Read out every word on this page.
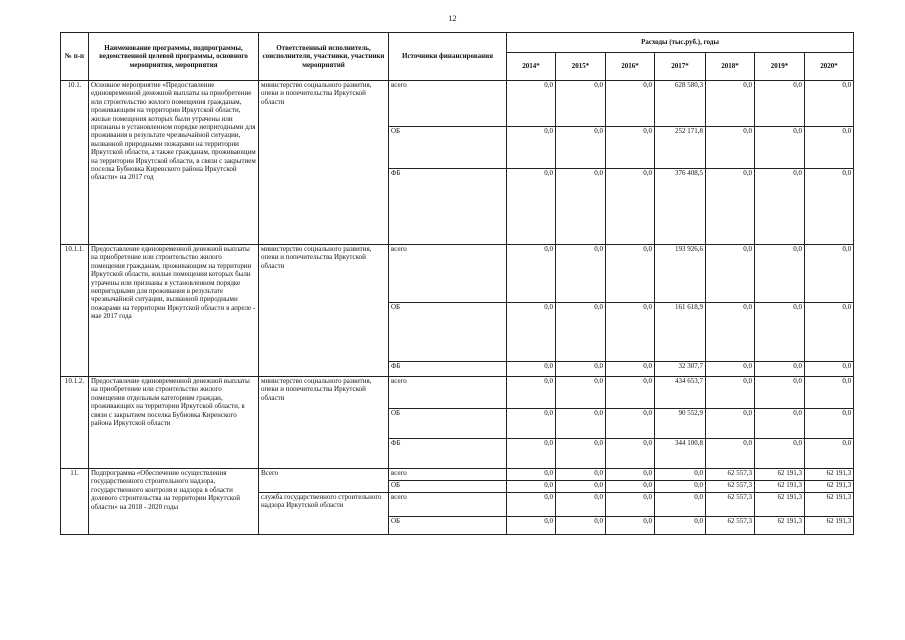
12
№ п-п	Наименование программы, подпрограммы, ведомственной целевой программы, основного мероприятия, мероприятия	Ответственный исполнитель, соисполнители, участники, участники мероприятий	Источники финансирования	Расходы (тыс.руб.), годы						
				2014*	2015*	2016*	2017*	2018*	2019*	2020*
10.1.	Основное мероприятие «Предоставление единовременной денежной выплаты на приобретение или строительство жилого помещения гражданам, проживающим на территории Иркутской области, жилые помещения которых были утрачены или признаны в установленном порядке непригодными для проживания в результате чрезвычайной ситуации, вызванной природными пожарами на территории Иркутской области, а также гражданам, проживающим на территории Иркутской области, в связи с закрытием поселка Бубновка Киренского района Иркутской области» на 2017 год	министерство социального развития, опеки и попечительства Иркутской области	всего	0,0	0,0	0,0	628 580,3	0,0	0,0	0,0
			ОБ	0,0	0,0	0,0	252 171,8	0,0	0,0	0,0
			ФБ	0,0	0,0	0,0	376 408,5	0,0	0,0	0,0
10.1.1.	Предоставление единовременной денежной выплаты на приобретение или строительство жилого помещения гражданам, проживающим на территории Иркутской области, жилые помещения которых были утрачены или признаны в установленном порядке непригодными для проживания в результате чрезвычайной ситуации, вызванной природными пожарами на территории Иркутской области в апреле - мае 2017 года	министерство социального развития, опеки и попечительства Иркутской области	всего	0,0	0,0	0,0	193 926,6	0,0	0,0	0,0
			ОБ	0,0	0,0	0,0	161 618,9	0,0	0,0	0,0
			ФБ	0,0	0,0	0,0	32 307,7	0,0	0,0	0,0
10.1.2.	Предоставление единовременной денежной выплаты на приобретение или строительство жилого помещения отдельным категориям граждан, проживающих на территории Иркутской области, в связи с закрытием поселка Бубновка Киренского района Иркутской области	министерство социального развития, опеки и попечительства Иркутской области	всего	0,0	0,0	0,0	434 653,7	0,0	0,0	0,0
			ОБ	0,0	0,0	0,0	90 552,9	0,0	0,0	0,0
			ФБ	0,0	0,0	0,0	344 100,8	0,0	0,0	0,0
11.	Подпрограмма «Обеспечение осуществления государственного строительного надзора, государственного контроля и надзора в области долевого строительства на территории Иркутской области» на 2018 - 2020 годы	Всего	всего	0,0	0,0	0,0	0,0	62 557,3	62 191,3	62 191,3
			ОБ	0,0	0,0	0,0	0,0	62 557,3	62 191,3	62 191,3
		служба государственного строительного надзора Иркутской области	всего	0,0	0,0	0,0	0,0	62 557,3	62 191,3	62 191,3
			ОБ	0,0	0,0	0,0	0,0	62 557,3	62 191,3	62 191,3
